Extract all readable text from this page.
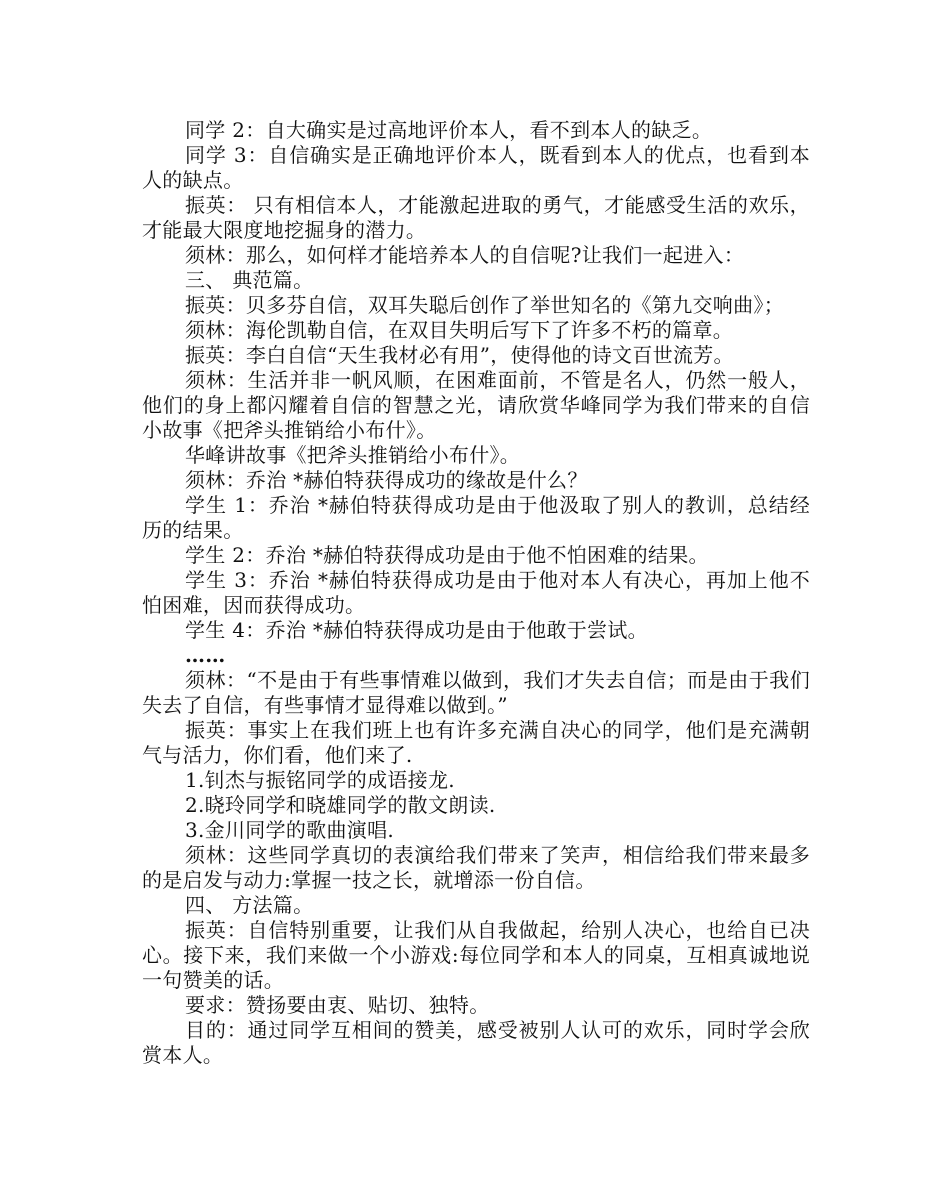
同学 2：自大确实是过高地评价本人，看不到本人的缺乏。

同学 3：自信确实是正确地评价本人，既看到本人的优点，也看到本人的缺点。

振英： 只有相信本人，才能激起进取的勇气，才能感受生活的欢乐，才能最大限度地挖掘身的潜力。

须林：那么，如何样才能培养本人的自信呢?让我们一起进入：

三、 典范篇。

振英：贝多芬自信，双耳失聪后创作了举世知名的《第九交响曲》；

须林：海伦凯勒自信，在双目失明后写下了许多不朽的篇章。

振英：李白自信“天生我材必有用”，使得他的诗文百世流芳。

须林：生活并非一帆风顺，在困难面前，不管是名人，仍然一般人，他们的身上都闪耀着自信的智慧之光，请欣赏华峰同学为我们带来的自信小故事《把斧头推销给小布什》。

华峰讲故事《把斧头推销给小布什》。

须林：乔治 *赫伯特获得成功的缘故是什么？

学生 1：乔治 *赫伯特获得成功是由于他汲取了别人的教训，总结经历的结果。

学生 2：乔治 *赫伯特获得成功是由于他不怕困难的结果。

学生 3：乔治 *赫伯特获得成功是由于他对本人有决心，再加上他不怕困难，因而获得成功。

学生 4：乔治 *赫伯特获得成功是由于他敢于尝试。

……

须林：“不是由于有些事情难以做到，我们才失去自信；而是由于我们失去了自信，有些事情才显得难以做到。”

振英：事实上在我们班上也有许多充满自决心的同学，他们是充满朝气与活力，你们看，他们来了.

1.钊杰与振铭同学的成语接龙.

2.晓玲同学和晓雄同学的散文朗读.

3.金川同学的歌曲演唱.

须林：这些同学真切的表演给我们带来了笑声，相信给我们带来最多的是启发与动力:掌握一技之长，就增添一份自信。

四、 方法篇。

振英：自信特别重要，让我们从自我做起，给别人决心，也给自已决心。接下来，我们来做一个小游戏:每位同学和本人的同桌，互相真诚地说一句赞美的话。

要求：赞扬要由衷、贴切、独特。

目的：通过同学互相间的赞美，感受被别人认可的欢乐，同时学会欣赏本人。
